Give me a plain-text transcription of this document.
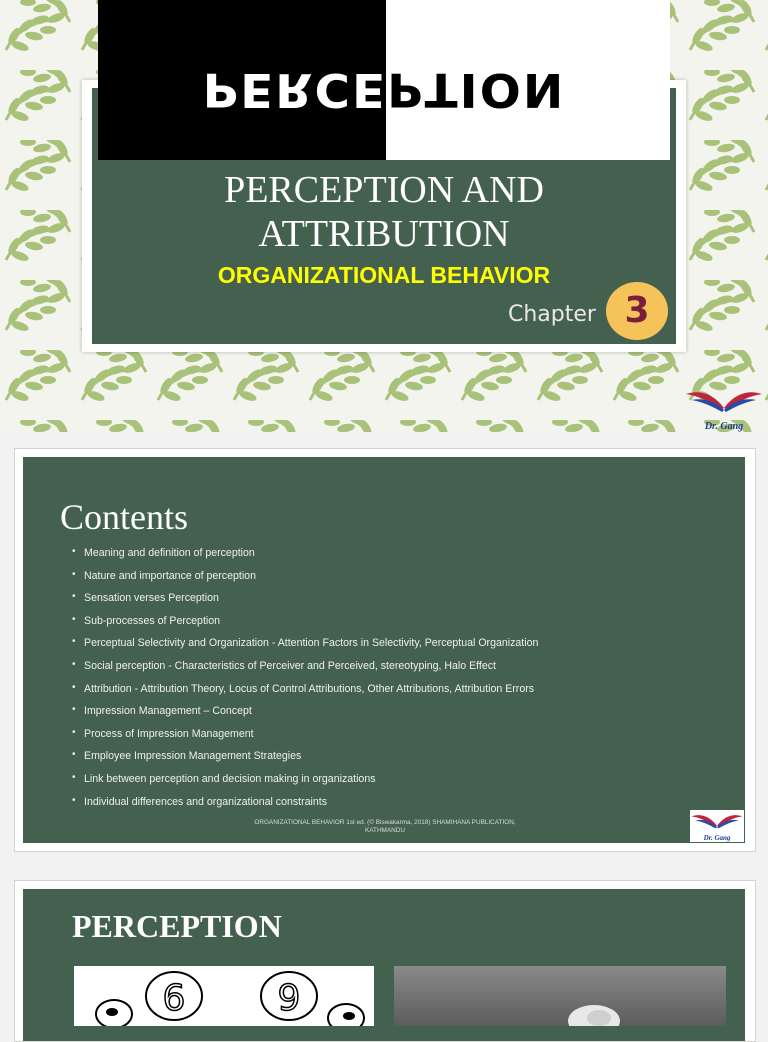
PERCEPTION
PERCEPTION AND
ATTRIBUTION
ORGANIZATIONAL BEHAVIOR
Chapter 3
Dr. Gang
Contents
• Meaning and definition of perception
• Nature and importance of perception
• Sensation verses Perception
• Sub-processes of Perception
• Perceptual Selectivity and Organization - Attention Factors in Selectivity, Perceptual Organization
• Social perception - Characteristics of Perceiver and Perceived, stereotyping, Halo Effect
• Attribution - Attribution Theory, Locus of Control Attributions, Other Attributions, Attribution Errors
• Impression Management – Concept
• Process of Impression Management
• Employee Impression Management Strategies
• Link between perception and decision making in organizations
• Individual differences and organizational constraints
ORGANIZATIONAL BEHAVIOR 1st ed. (© Biswakarma, 2018) SHAMIHANA PUBLICATION,
KATHMANDU
Dr. Gang
PERCEPTION
6	9
